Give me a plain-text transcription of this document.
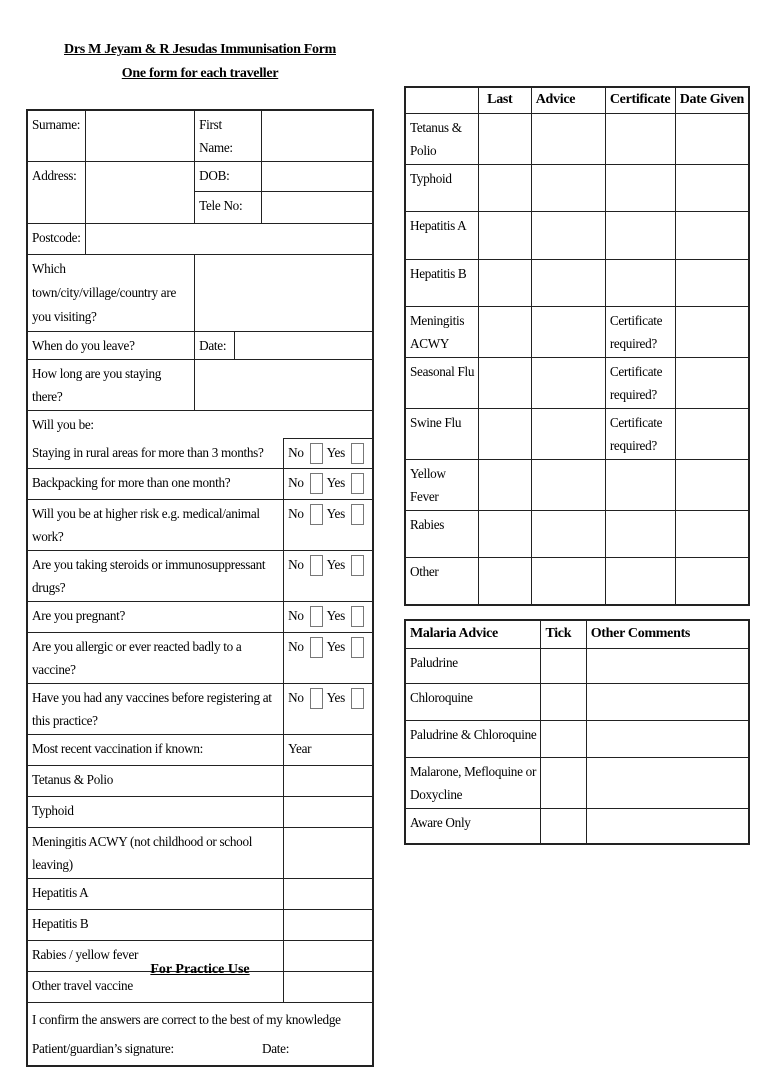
Drs M Jeyam & R Jesudas Immunisation Form
One form for each traveller
Surname:		First Name:			
Address:		DOB:			
		Tele No:			
Postcode:					
Which town/city/village/country are you visiting?					
When do you leave?		Date:			
How long are you staying there?					
Will you be:					
Staying in rural areas for more than 3 months?					No Yes
Backpacking for more than one month?					No Yes
Will you be at higher risk e.g. medical/animal work?					No Yes
Are you taking steroids or immunosuppressant drugs?					No Yes
Are you pregnant?					No Yes
Are you allergic or ever reacted badly to a vaccine?					No Yes
Have you had any vaccines before registering at this practice?					No Yes
Most recent vaccination if known:					Year
Tetanus & Polio					
Typhoid					
Meningitis ACWY (not childhood or school leaving)					
Hepatitis A					
Hepatitis B					
Rabies / yellow fever					
Other travel vaccine					

I confirm the answers are correct to the best of my knowledge
Patient/guardian’s signature: Date:					
For Practice Use
	Last	Advice	Certificate	Date Given
Tetanus & Polio				
Typhoid				
Hepatitis A				
Hepatitis B				
Meningitis ACWY			Certificate required?	
Seasonal Flu			Certificate required?	
Swine Flu			Certificate required?	
Yellow Fever				
Rabies				
Other				
Malaria Advice	Tick	Other Comments
Paludrine		
Chloroquine		
Paludrine & Chloroquine		
Malarone, Mefloquine or Doxycline		
Aware Only		
